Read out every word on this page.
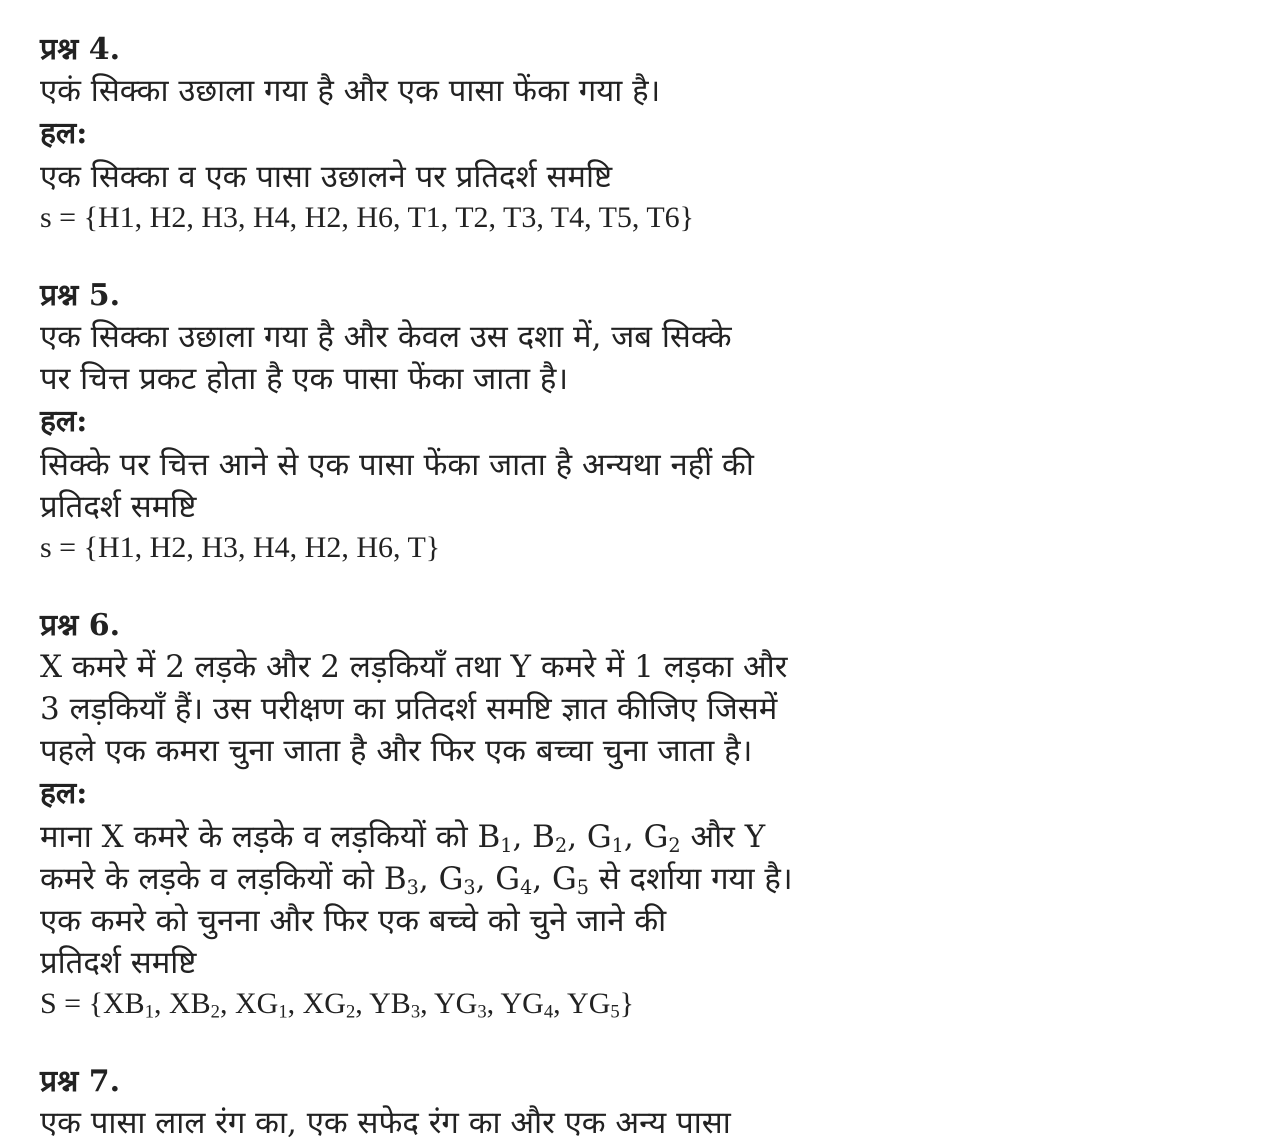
प्रश्न 4.
एकं सिक्का उछाला गया है और एक पासा फेंका गया है।
हल:
एक सिक्का व एक पासा उछालने पर प्रतिदर्श समष्टि
s = {H1, H2, H3, H4, H2, H6, T1, T2, T3, T4, T5, T6}
प्रश्न 5.
एक सिक्का उछाला गया है और केवल उस दशा में, जब सिक्के
पर चित्त प्रकट होता है एक पासा फेंका जाता है।
हल:
सिक्के पर चित्त आने से एक पासा फेंका जाता है अन्यथा नहीं की
प्रतिदर्श समष्टि
s = {H1, H2, H3, H4, H2, H6, T}
प्रश्न 6.
X कमरे में 2 लड़के और 2 लड़कियाँ तथा Y कमरे में 1 लड़का और
3 लड़कियाँ हैं। उस परीक्षण का प्रतिदर्श समष्टि ज्ञात कीजिए जिसमें
पहले एक कमरा चुना जाता है और फिर एक बच्चा चुना जाता है।
हल:
माना X कमरे के लड़के व लड़कियों को $B_1$, $B_2$, $G_1$, $G_2$ और Y
कमरे के लड़के व लड़कियों को $B_3$, $G_3$, $G_4$, $G_5$ से दर्शाया गया है।
एक कमरे को चुनना और फिर एक बच्चे को चुने जाने की
प्रतिदर्श समष्टि
$S = \{XB_1$, $XB_2$, $XG_1$, $XG_2$, $YB_3$, $YG_3$, $YG_4$, $YG_5$}
प्रश्न 7.
एक पासा लाल रंग का, एक सफेद रंग का और एक अन्य पासा
